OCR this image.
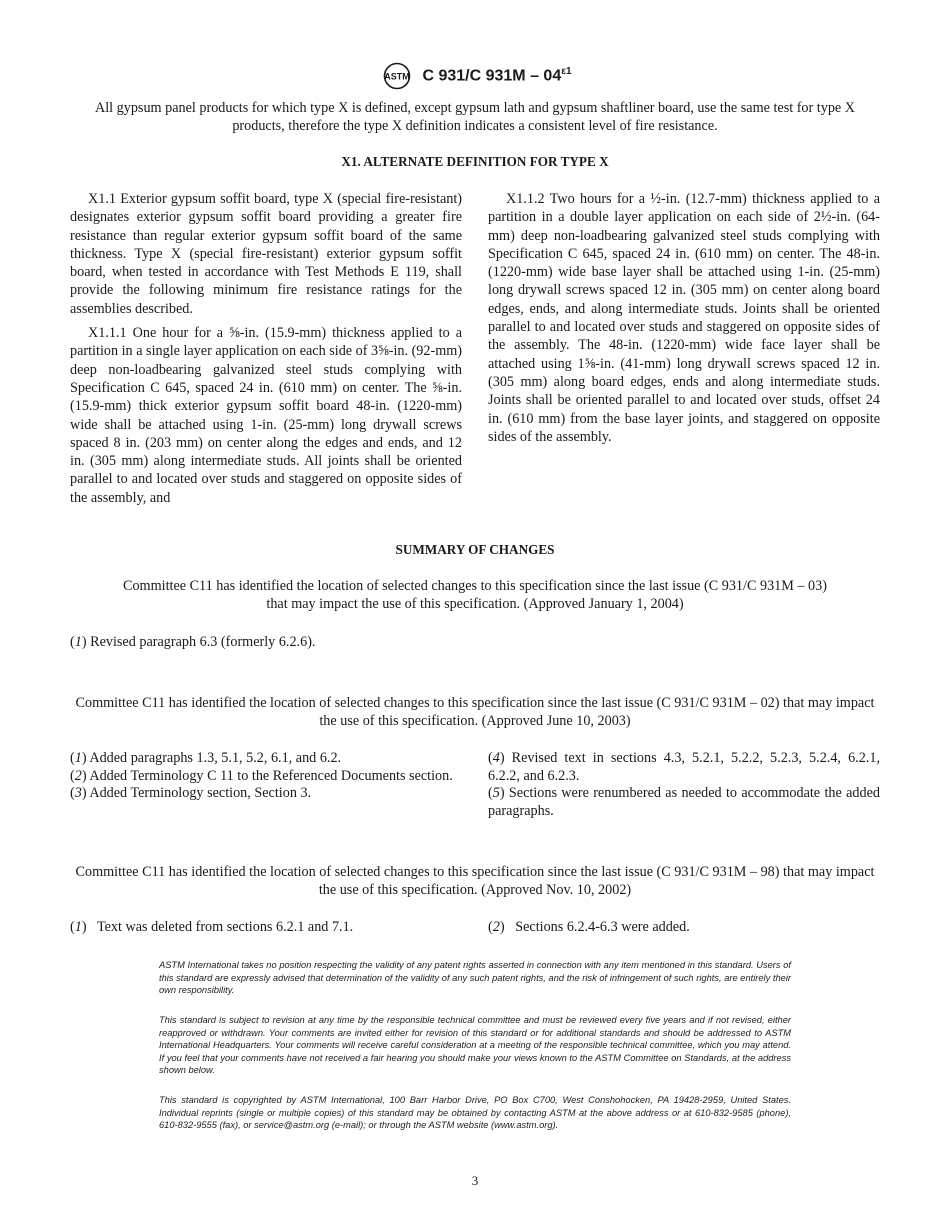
ASTM C 931/C $931M - 04^{\varepsilon 1}$
All gypsum panel products for which type X is defined, except gypsum lath and gypsum shaftliner board, use the same test for type X products, therefore the type X definition indicates a consistent level of fire resistance.
X1. ALTERNATE DEFINITION FOR TYPE X

X1.1 Exterior gypsum soffit board, type X (special fire-resistant) designates exterior gypsum soffit board providing a greater fire resistance than regular exterior gypsum soffit board of the same thickness. Type X (special fire-resistant) exterior gypsum soffit board, when tested in accordance with Test Methods E 119, shall provide the following minimum fire resistance ratings for the assemblies described.

X1.1.1 One hour for a ⅝-in. (15.9-mm) thickness applied to a partition in a single layer application on each side of 3⅝-in. (92-mm) deep non-loadbearing galvanized steel studs complying with Specification C 645, spaced 24 in. (610 mm) on center. The ⅝-in. (15.9-mm) thick exterior gypsum soffit board 48-in. (1220-mm) wide shall be attached using 1-in. (25-mm) long drywall screws spaced 8 in. (203 mm) on center along the edges and ends, and 12 in. (305 mm) along intermediate studs. All joints shall be oriented parallel to and located over studs and staggered on opposite sides of the assembly, and

X1.1.2 Two hours for a ½-in. (12.7-mm) thickness applied to a partition in a double layer application on each side of 2½-in. (64-mm) deep non-loadbearing galvanized steel studs complying with Specification C 645, spaced 24 in. (610 mm) on center. The 48-in. (1220-mm) wide base layer shall be attached using 1-in. (25-mm) long drywall screws spaced 12 in. (305 mm) on center along board edges, ends, and along intermediate studs. Joints shall be oriented parallel to and located over studs and staggered on opposite sides of the assembly. The 48-in. (1220-mm) wide face layer shall be attached using 1⅝-in. (41-mm) long drywall screws spaced 12 in. (305 mm) along board edges, ends and along intermediate studs. Joints shall be oriented parallel to and located over studs, offset 24 in. (610 mm) from the base layer joints, and staggered on opposite sides of the assembly.

SUMMARY OF CHANGES
Committee C11 has identified the location of selected changes to this specification since the last issue (C 931/C 931M – 03) that may impact the use of this specification. (Approved January 1, 2004)
(1) Revised paragraph 6.3 (formerly 6.2.6).
Committee C11 has identified the location of selected changes to this specification since the last issue (C 931/C 931M – 02) that may impact the use of this specification. (Approved June 10, 2003)
(1) Added paragraphs 1.3, 5.1, 5.2, 6.1, and 6.2.
(2) Added Terminology C 11 to the Referenced Documents section.
(3) Added Terminology section, Section 3.
(4) Revised text in sections 4.3, 5.2.1, 5.2.2, 5.2.3, 5.2.4, 6.2.1, 6.2.2, and 6.2.3.
(5) Sections were renumbered as needed to accommodate the added paragraphs.
Committee C11 has identified the location of selected changes to this specification since the last issue (C 931/C 931M – 98) that may impact the use of this specification. (Approved Nov. 10, 2002)
(1)   Text was deleted from sections 6.2.1 and 7.1.	(2)   Sections 6.2.4-6.3 were added.
ASTM International takes no position respecting the validity of any patent rights asserted in connection with any item mentioned in this standard. Users of this standard are expressly advised that determination of the validity of any such patent rights, and the risk of infringement of such rights, are entirely their own responsibility.
This standard is subject to revision at any time by the responsible technical committee and must be reviewed every five years and if not revised, either reapproved or withdrawn. Your comments are invited either for revision of this standard or for additional standards and should be addressed to ASTM International Headquarters. Your comments will receive careful consideration at a meeting of the responsible technical committee, which you may attend. If you feel that your comments have not received a fair hearing you should make your views known to the ASTM Committee on Standards, at the address shown below.
This standard is copyrighted by ASTM International, 100 Barr Harbor Drive, PO Box C700, West Conshohocken, PA 19428-2959, United States. Individual reprints (single or multiple copies) of this standard may be obtained by contacting ASTM at the above address or at 610-832-9585 (phone), 610-832-9555 (fax), or service@astm.org (e-mail); or through the ASTM website (www.astm.org).
3
